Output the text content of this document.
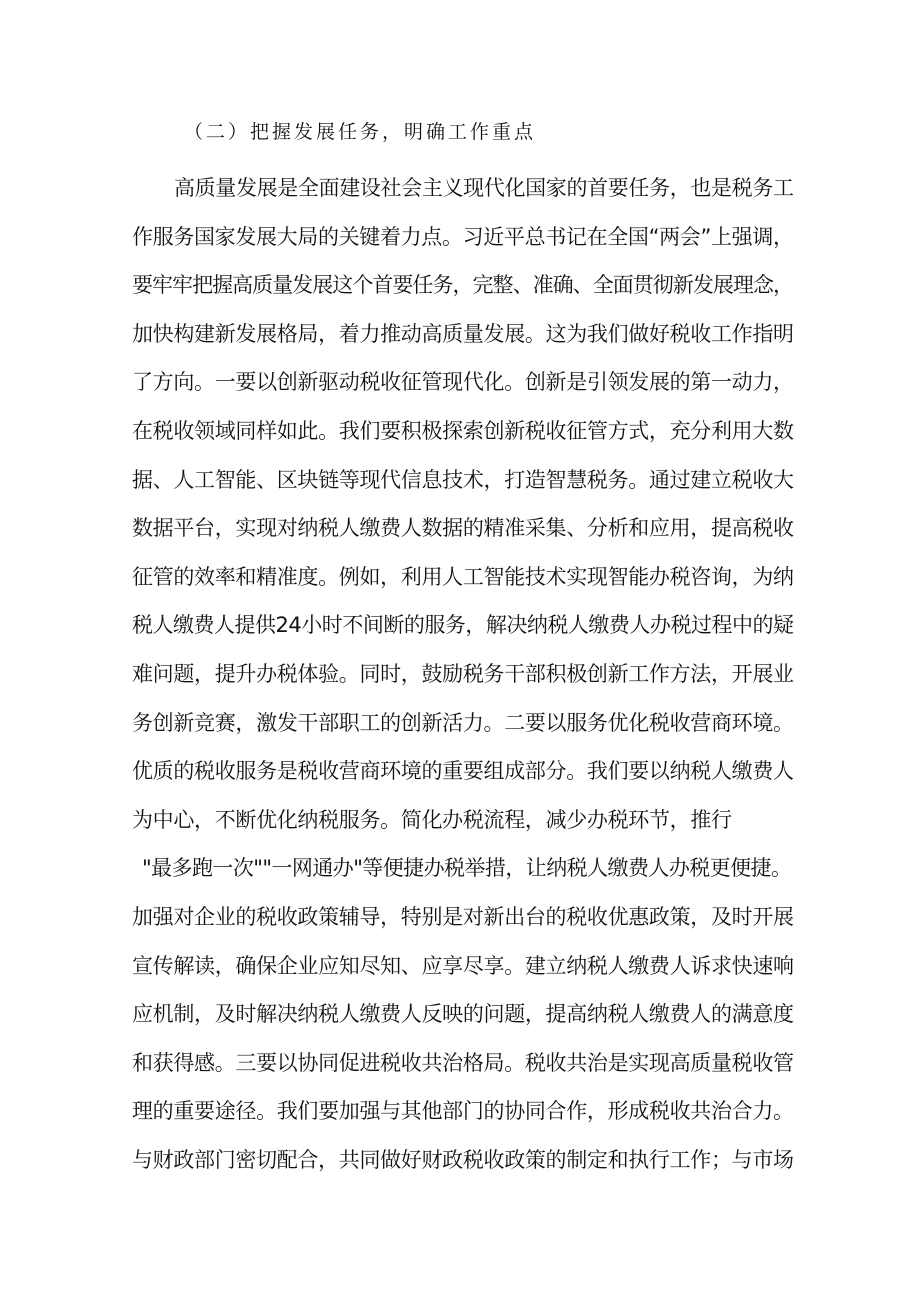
（二）把握发展任务，明确工作重点
高质量发展是全面建设社会主义现代化国家的首要任务，也是税务工
作服务国家发展大局的关键着力点。习近平总书记在全国“两会”上强调，
要牢牢把握高质量发展这个首要任务，完整、准确、全面贯彻新发展理念，
加快构建新发展格局，着力推动高质量发展。这为我们做好税收工作指明
了方向。一要以创新驱动税收征管现代化。创新是引领发展的第一动力，
在税收领域同样如此。我们要积极探索创新税收征管方式，充分利用大数
据、人工智能、区块链等现代信息技术，打造智慧税务。通过建立税收大
数据平台，实现对纳税人缴费人数据的精准采集、分析和应用，提高税收
征管的效率和精准度。例如，利用人工智能技术实现智能办税咨询，为纳
税人缴费人提供24小时不间断的服务，解决纳税人缴费人办税过程中的疑
难问题，提升办税体验。同时，鼓励税务干部积极创新工作方法，开展业
务创新竞赛，激发干部职工的创新活力。二要以服务优化税收营商环境。
优质的税收服务是税收营商环境的重要组成部分。我们要以纳税人缴费人
为中心，不断优化纳税服务。简化办税流程，减少办税环节，推行
"最多跑一次""一网通办"等便捷办税举措，让纳税人缴费人办税更便捷。
加强对企业的税收政策辅导，特别是对新出台的税收优惠政策，及时开展
宣传解读，确保企业应知尽知、应享尽享。建立纳税人缴费人诉求快速响
应机制，及时解决纳税人缴费人反映的问题，提高纳税人缴费人的满意度
和获得感。三要以协同促进税收共治格局。税收共治是实现高质量税收管
理的重要途径。我们要加强与其他部门的协同合作，形成税收共治合力。
与财政部门密切配合，共同做好财政税收政策的制定和执行工作；与市场
